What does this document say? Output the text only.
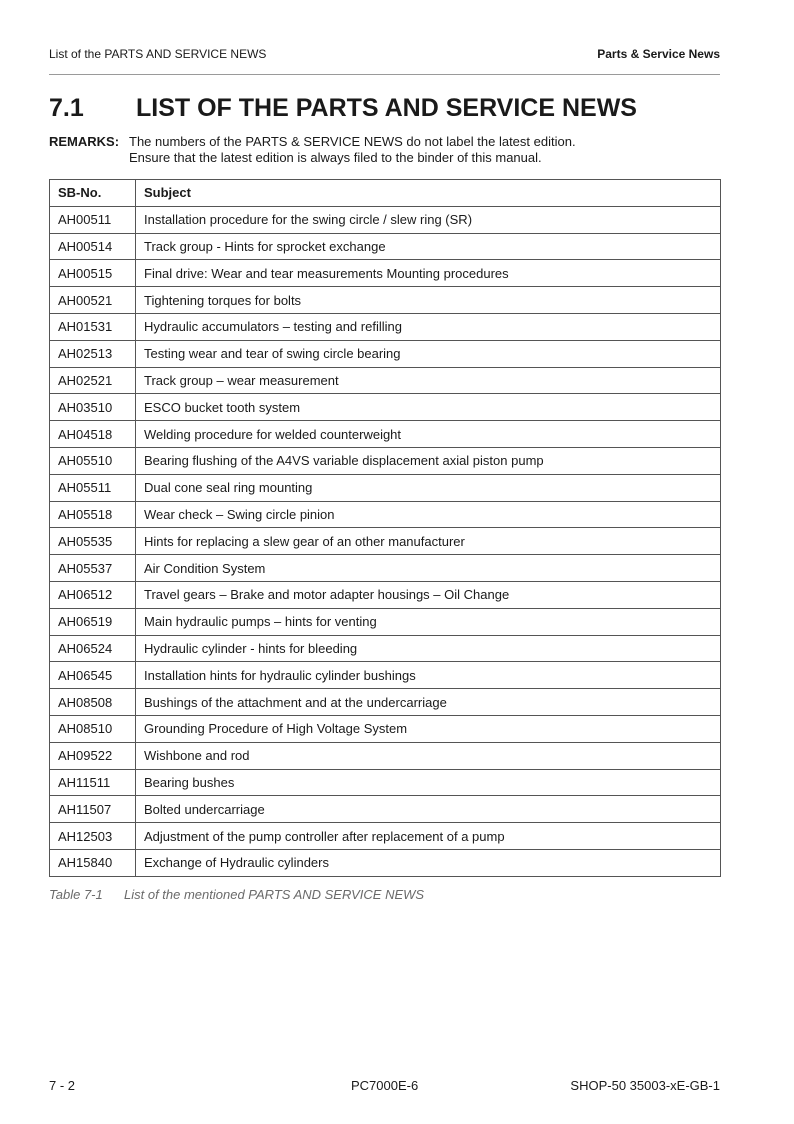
List of the PARTS AND SERVICE NEWS	Parts & Service News
7.1 LIST OF THE PARTS AND SERVICE NEWS
REMARKS: The numbers of the PARTS & SERVICE NEWS do not label the latest edition.
Ensure that the latest edition is always filed to the binder of this manual.
SB-No.	Subject
AH00511	Installation procedure for the swing circle / slew ring (SR)
AH00514	Track group - Hints for sprocket exchange
AH00515	Final drive: Wear and tear measurements Mounting procedures
AH00521	Tightening torques for bolts
AH01531	Hydraulic accumulators – testing and refilling
AH02513	Testing wear and tear of swing circle bearing
AH02521	Track group – wear measurement
AH03510	ESCO bucket tooth system
AH04518	Welding procedure for welded counterweight
AH05510	Bearing flushing of the A4VS variable displacement axial piston pump
AH05511	Dual cone seal ring mounting
AH05518	Wear check – Swing circle pinion
AH05535	Hints for replacing a slew gear of an other manufacturer
AH05537	Air Condition System
AH06512	Travel gears – Brake and motor adapter housings – Oil Change
AH06519	Main hydraulic pumps – hints for venting
AH06524	Hydraulic cylinder - hints for bleeding
AH06545	Installation hints for hydraulic cylinder bushings
AH08508	Bushings of the attachment and at the undercarriage
AH08510	Grounding Procedure of High Voltage System
AH09522	Wishbone and rod
AH11511	Bearing bushes
AH11507	Bolted undercarriage
AH12503	Adjustment of the pump controller after replacement of a pump
AH15840	Exchange of Hydraulic cylinders
Table 7-1 List of the mentioned PARTS AND SERVICE NEWS
7 - 2	PC7000E-6	SHOP-50 35003-xE-GB-1
